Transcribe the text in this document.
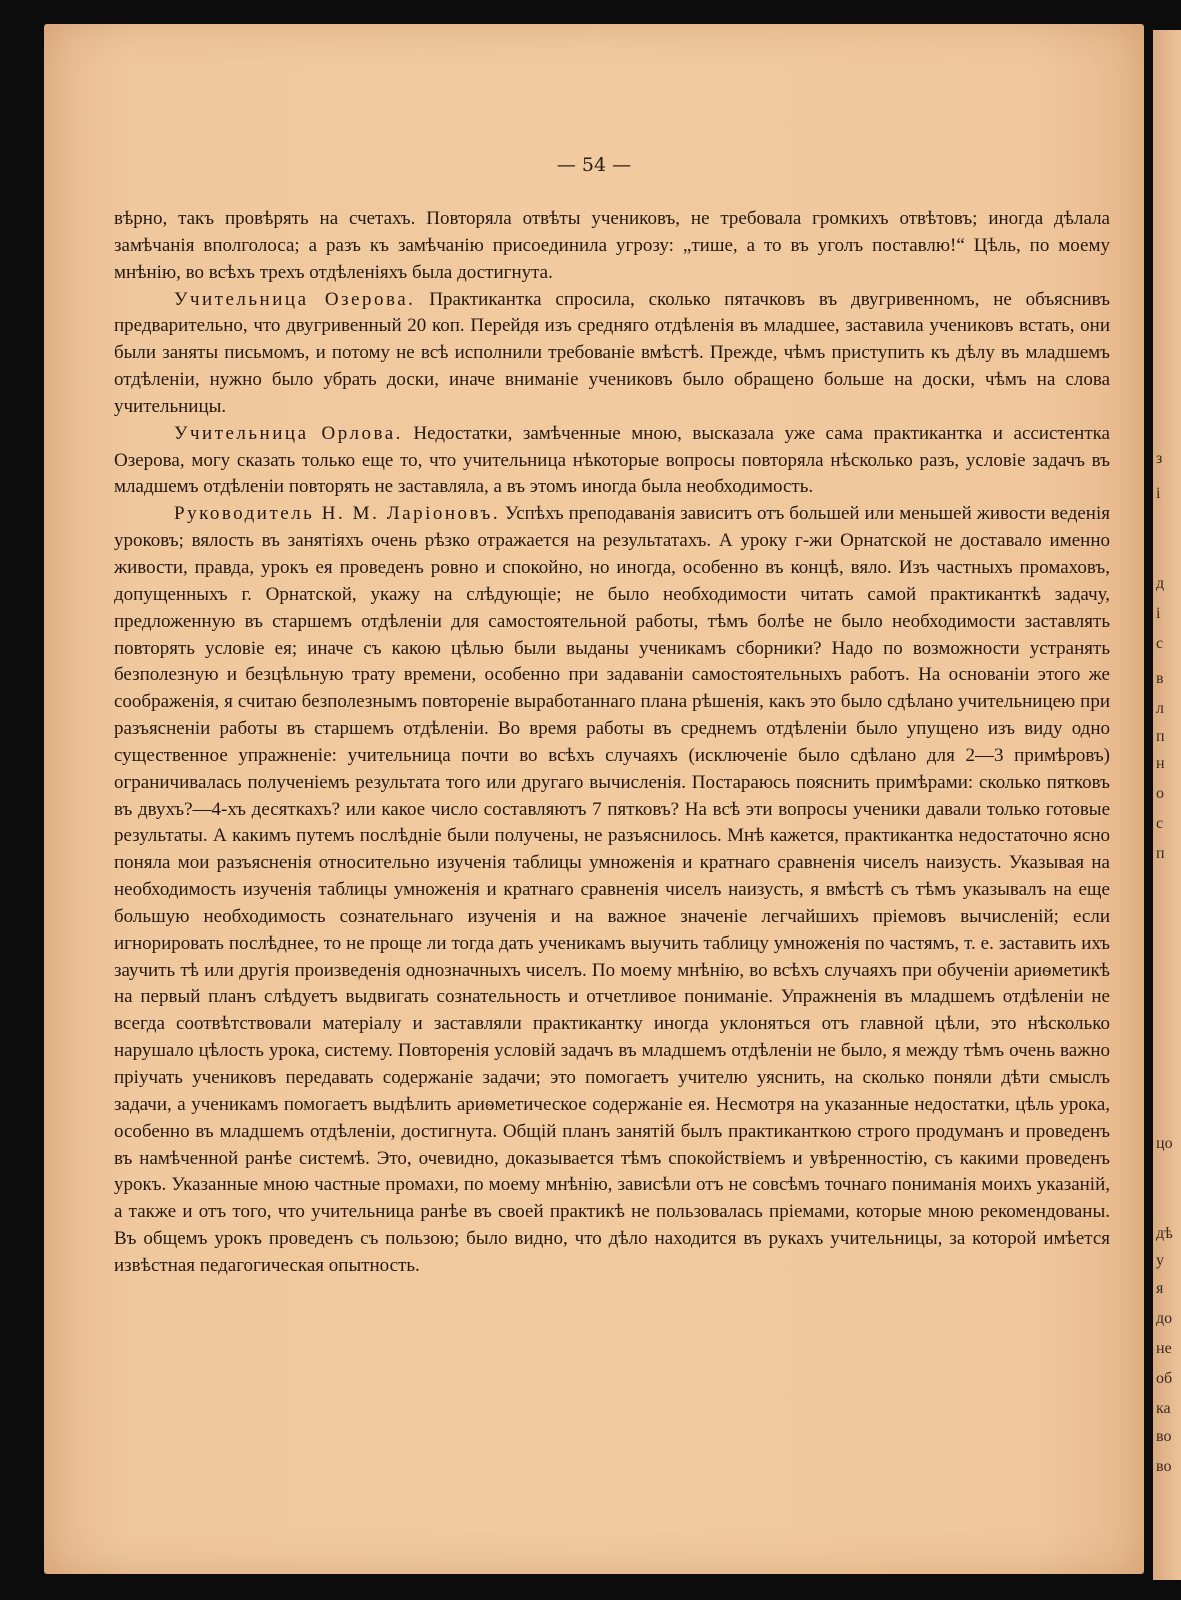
— 54 —

вѣрно, такъ провѣрять на счетахъ. Повторяла отвѣты учениковъ, не требовала громкихъ отвѣтовъ; иногда дѣлала замѣчанія вполголоса; а разъ къ замѣчанію присоединила угрозу: „тише, а то въ уголъ поставлю!“ Цѣль, по моему мнѣнію, во всѣхъ трехъ отдѣленіяхъ была достигнута.

Учительница Озерова. Практикантка спросила, сколько пятачковъ въ двугривенномъ, не объяснивъ предварительно, что двугривенный 20 коп. Перейдя изъ средняго отдѣленія въ младшее, заставила учениковъ встать, они были заняты письмомъ, и потому не всѣ исполнили требованіе вмѣстѣ. Прежде, чѣмъ приступить къ дѣлу въ младшемъ отдѣленіи, нужно было убрать доски, иначе вниманіе учениковъ было обращено больше на доски, чѣмъ на слова учительницы.

Учительница Орлова. Недостатки, замѣченные мною, высказала уже сама практикантка и ассистентка Озерова, могу сказать только еще то, что учительница нѣкоторые вопросы повторяла нѣсколько разъ, условіе задачъ въ младшемъ отдѣленіи повторять не заставляла, а въ этомъ иногда была необходимость.

Руководитель Н. М. Ларіоновъ. Успѣхъ преподаванія зависитъ отъ большей или меньшей живости веденія уроковъ; вялость въ занятіяхъ очень рѣзко отражается на результатахъ. А уроку г-жи Орнатской не доставало именно живости, правда, урокъ ея проведенъ ровно и спокойно, но иногда, особенно въ концѣ, вяло. Изъ частныхъ промаховъ, допущенныхъ г. Орнатской, укажу на слѣдующіе; не было необходимости читать самой практиканткѣ задачу, предложенную въ старшемъ отдѣленіи для самостоятельной работы, тѣмъ болѣе не было необходимости заставлять повторять условіе ея; иначе съ какою цѣлью были выданы ученикамъ сборники? Надо по возможности устранять безполезную и безцѣльную трату времени, особенно при задаваніи самостоятельныхъ работъ. На основаніи этого же соображенія, я считаю безполезнымъ повтореніе выработаннаго плана рѣшенія, какъ это было сдѣлано учительницею при разъясненіи работы въ старшемъ отдѣленіи. Во время работы въ среднемъ отдѣленіи было упущено изъ виду одно существенное упражненіе: учительница почти во всѣхъ случаяхъ (исключеніе было сдѣлано для 2—3 примѣровъ) ограничивалась полученіемъ результата того или другаго вычисленія. Постараюсь пояснить примѣрами: сколько пятковъ въ двухъ?—4-хъ десяткахъ? или какое число составляютъ 7 пятковъ? На всѣ эти вопросы ученики давали только готовые результаты. А какимъ путемъ послѣдніе были получены, не разъяснилось. Мнѣ кажется, практикантка недостаточно ясно поняла мои разъясненія относительно изученія таблицы умноженія и кратнаго сравненія чиселъ наизусть. Указывая на необходимость изученія таблицы умноженія и кратнаго сравненія чиселъ наизусть, я вмѣстѣ съ тѣмъ указывалъ на еще большую необходимость сознательнаго изученія и на важное значеніе легчайшихъ пріемовъ вычисленій; если игнорировать послѣднее, то не проще ли тогда дать ученикамъ выучить таблицу умноженія по частямъ, т. е. заставить ихъ заучить тѣ или другія произведенія однозначныхъ чиселъ. По моему мнѣнію, во всѣхъ случаяхъ при обученіи ариѳметикѣ на первый планъ слѣдуетъ выдвигать сознательность и отчетливое пониманіе. Упражненія въ младшемъ отдѣленіи не всегда соотвѣтствовали матеріалу и заставляли практикантку иногда уклоняться отъ главной цѣли, это нѣсколько нарушало цѣлость урока, систему. Повторенія условій задачъ въ младшемъ отдѣленіи не было, я между тѣмъ очень важно пріучать учениковъ передавать содержаніе задачи; это помогаетъ учителю уяснить, на сколько поняли дѣти смыслъ задачи, а ученикамъ помогаетъ выдѣлить ариѳметическое содержаніе ея. Несмотря на указанные недостатки, цѣль урока, особенно въ младшемъ отдѣленіи, достигнута. Общій планъ занятій былъ практиканткою строго продуманъ и проведенъ въ намѣченной ранѣе системѣ. Это, очевидно, доказывается тѣмъ спокойствіемъ и увѣренностію, съ какими проведенъ урокъ. Указанные мною частные промахи, по моему мнѣнію, зависѣли отъ не совсѣмъ точнаго пониманія моихъ указаній, а также и отъ того, что учительница ранѣе въ своей практикѣ не пользовалась пріемами, которые мною рекомендованы. Въ общемъ урокъ проведенъ съ пользою; было видно, что дѣло находится въ рукахъ учительницы, за которой имѣется извѣстная педагогическая опытность.

з
і
д
і
с
в
л
п
н
о
с
п
цо
дѣ
у
я
до
не
об
ка
во
во
